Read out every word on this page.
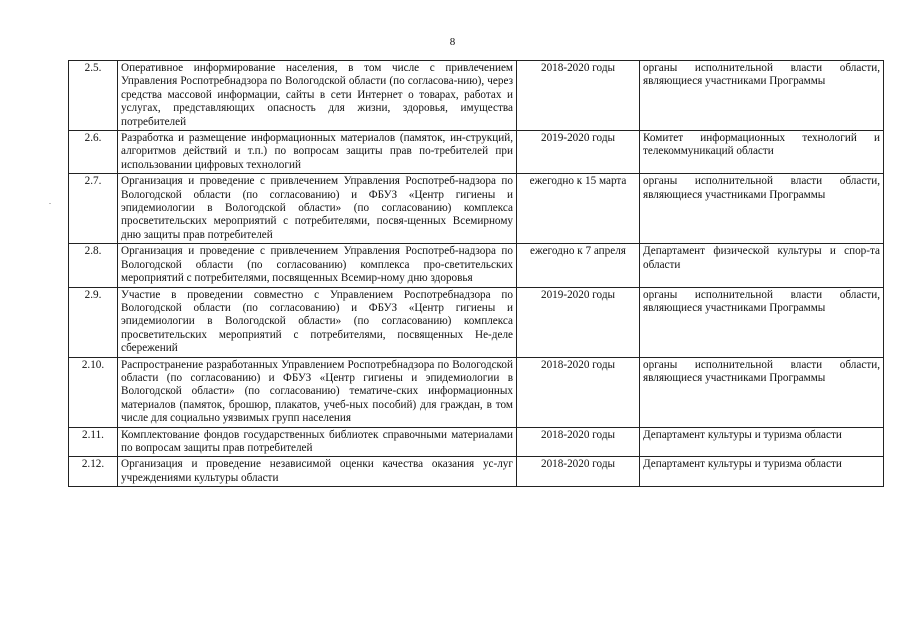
8
.
2.5.	Оперативное информирование населения, в том числе с привлечением Управления Роспотребнадзора по Вологодской области (по согласова-нию), через средства массовой информации, сайты в сети Интернет о товарах, работах и услугах, представляющих опасность для жизни, здоровья, имущества потребителей	2018-2020 годы	органы исполнительной власти области, являющиеся участниками Программы
2.6.	Разработка и размещение информационных материалов (памяток, ин-струкций, алгоритмов действий и т.п.) по вопросам защиты прав по-требителей при использовании цифровых технологий	2019-2020 годы	Комитет информационных технологий и телекоммуникаций области
2.7.	Организация и проведение с привлечением Управления Роспотреб-надзора по Вологодской области (по согласованию) и ФБУЗ «Центр гигиены и эпидемиологии в Вологодской области» (по согласованию) комплекса просветительских мероприятий с потребителями, посвя-щенных Всемирному дню защиты прав потребителей	ежегодно к 15 марта	органы исполнительной власти области, являющиеся участниками Программы
2.8.	Организация и проведение с привлечением Управления Роспотреб-надзора по Вологодской области (по согласованию) комплекса про-светительских мероприятий с потребителями, посвященных Всемир-ному дню здоровья	ежегодно к 7 апреля	Департамент физической культуры и спор-та области
2.9.	Участие в проведении совместно с Управлением Роспотребнадзора по Вологодской области (по согласованию) и ФБУЗ «Центр гигиены и эпидемиологии в Вологодской области» (по согласованию) комплекса просветительских мероприятий с потребителями, посвященных Не-деле сбережений	2019-2020 годы	органы исполнительной власти области, являющиеся участниками Программы
2.10.	Распространение разработанных Управлением Роспотребнадзора по Вологодской области (по согласованию) и ФБУЗ «Центр гигиены и эпидемиологии в Вологодской области» (по согласованию) тематиче-ских информационных материалов (памяток, брошюр, плакатов, учеб-ных пособий) для граждан, в том числе для социально уязвимых групп населения	2018-2020 годы	органы исполнительной власти области, являющиеся участниками Программы
2.11.	Комплектование фондов государственных библиотек справочными материалами по вопросам защиты прав потребителей	2018-2020 годы	Департамент культуры и туризма области
2.12.	Организация и проведение независимой оценки качества оказания ус-луг учреждениями культуры области	2018-2020 годы	Департамент культуры и туризма области
